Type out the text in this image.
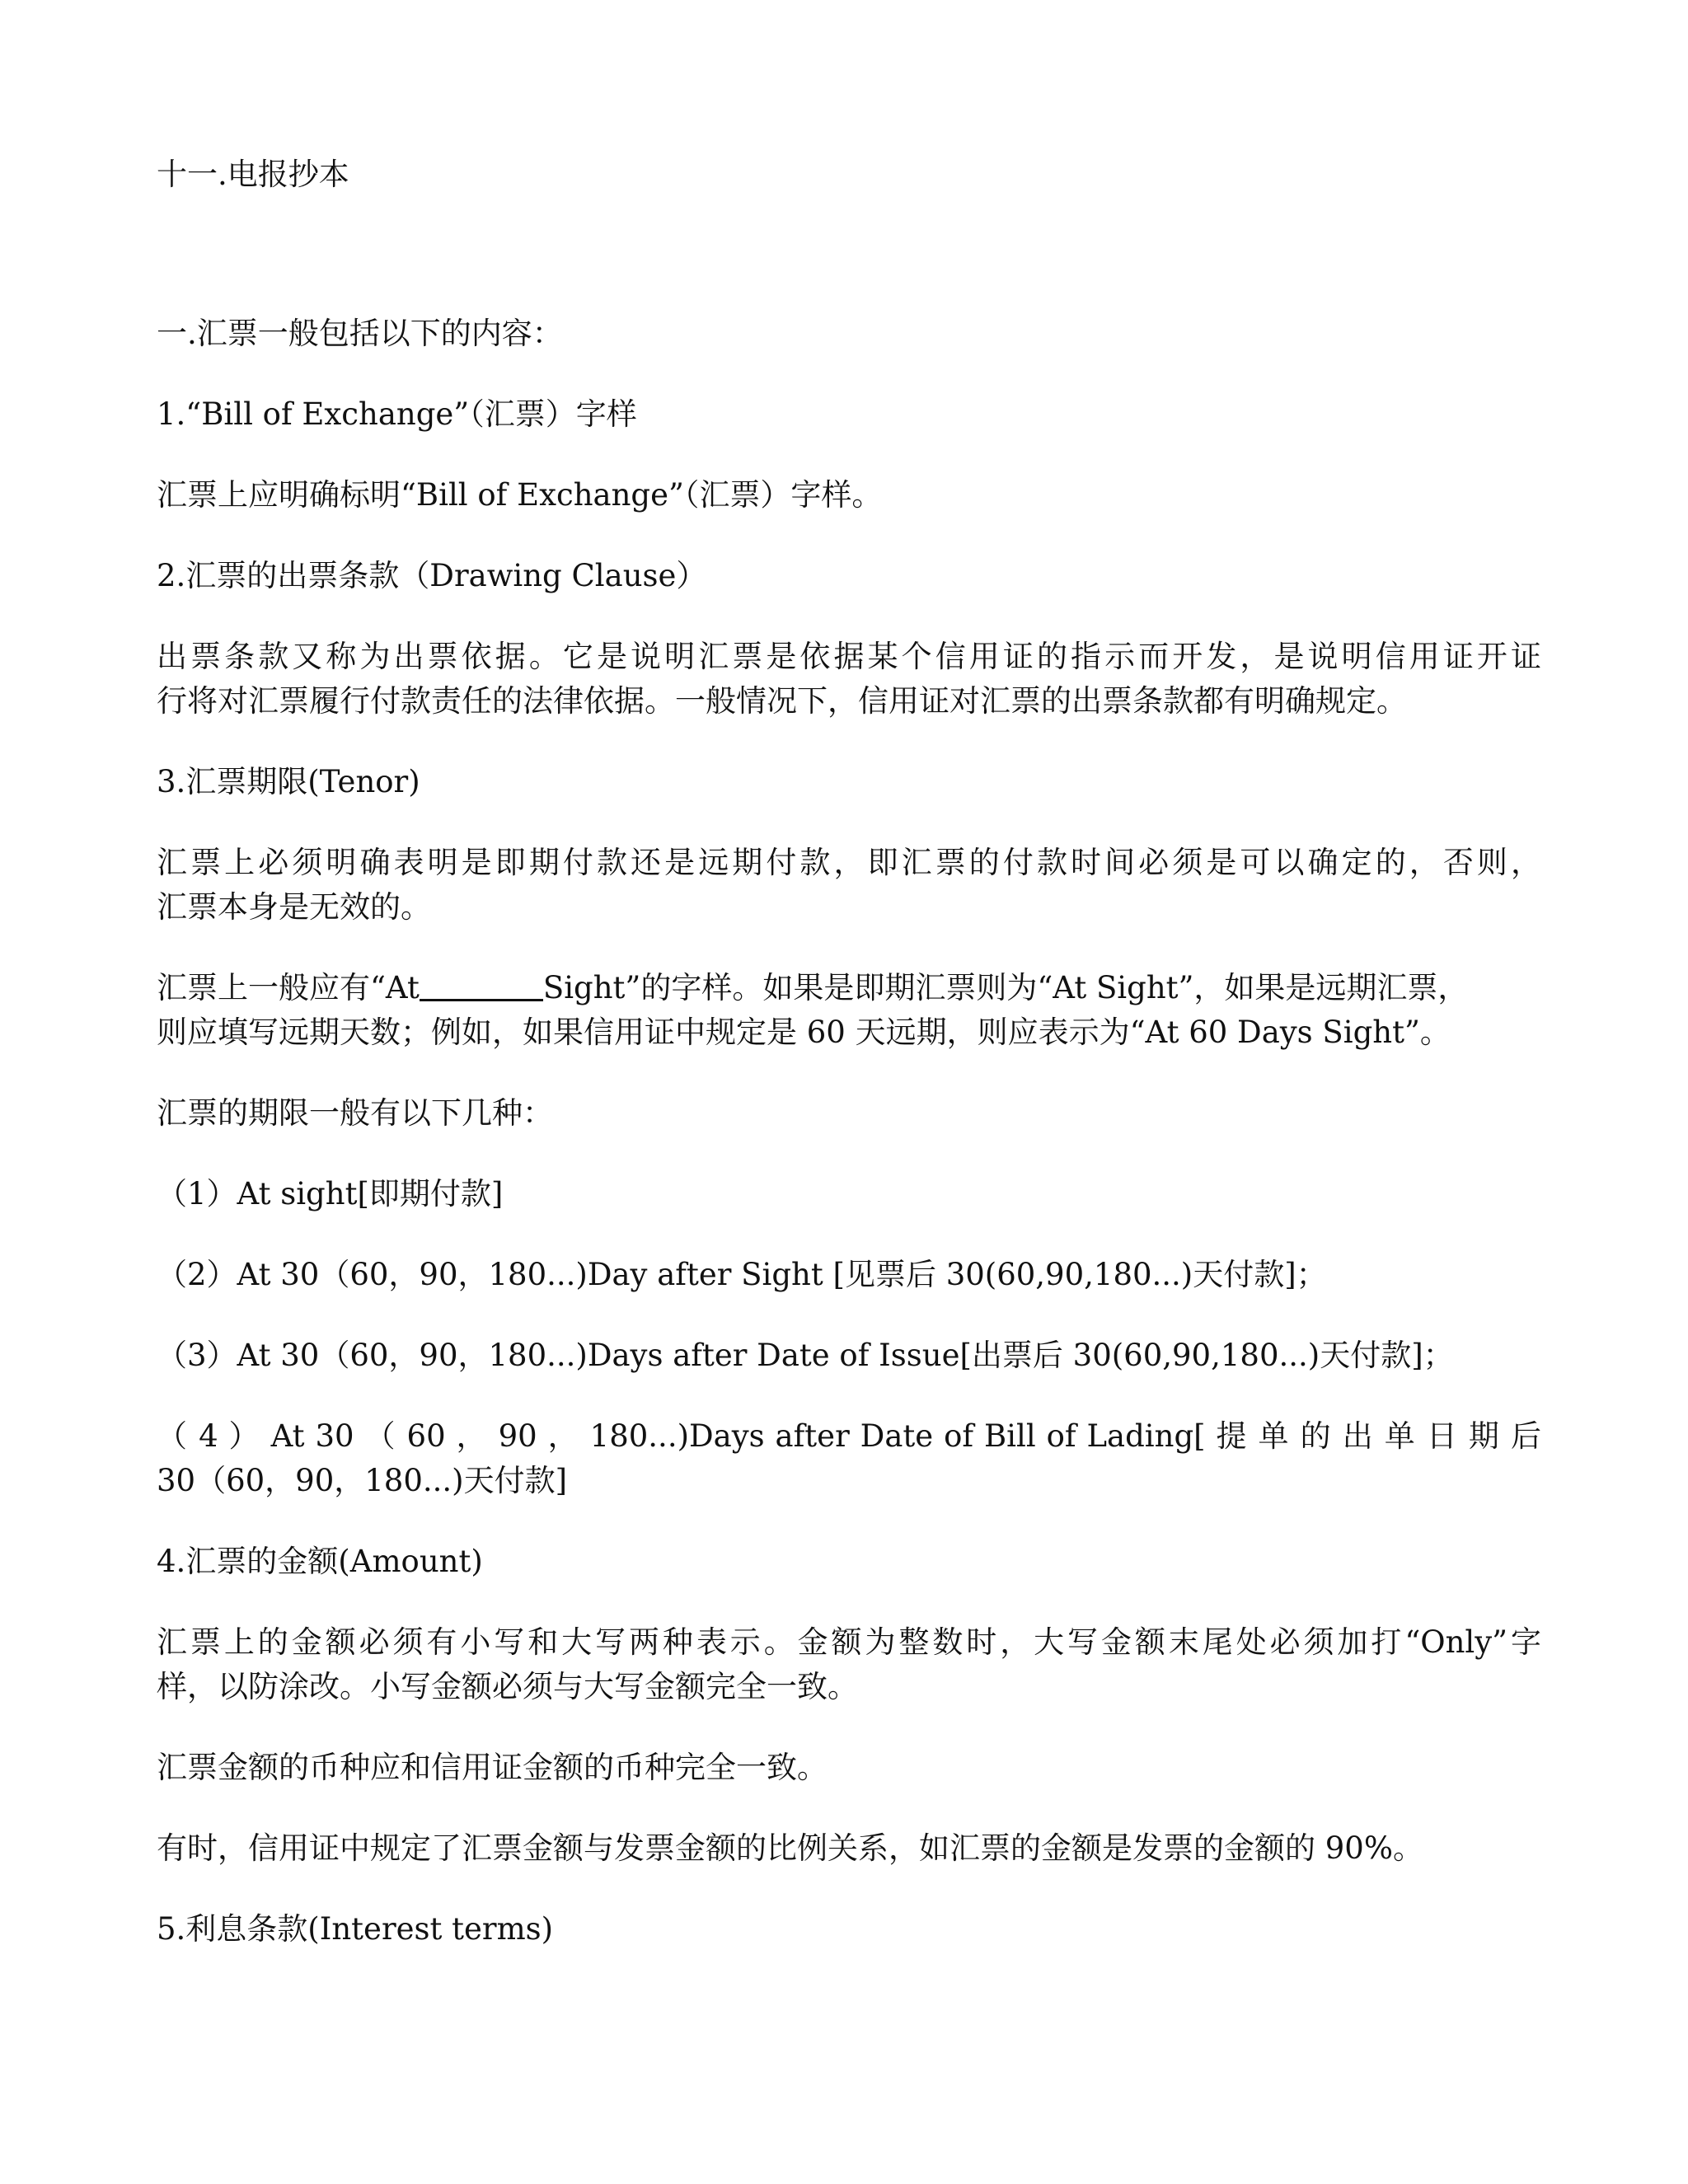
十一.电报抄本
一.汇票一般包括以下的内容：
1.“Bill of Exchange”（汇票）字样
汇票上应明确标明“Bill of Exchange”（汇票）字样。
2.汇票的出票条款（Drawing Clause）
出票条款又称为出票依据。它是说明汇票是依据某个信用证的指示而开发，是说明信用证开证
行将对汇票履行付款责任的法律依据。一般情况下，信用证对汇票的出票条款都有明确规定。
3.汇票期限(Tenor)
汇票上必须明确表明是即期付款还是远期付款，即汇票的付款时间必须是可以确定的，否则，
汇票本身是无效的。
汇票上一般应有“At	Sight”的字样。如果是即期汇票则为“At Sight”，如果是远期汇票，
则应填写远期天数；例如，如果信用证中规定是 60 天远期，则应表示为“At 60 Days Sight”。
汇票的期限一般有以下几种：
（1）At sight[即期付款]
（2）At 30（60，90，180...)Day after Sight [见票后 30(60,90,180...)天付款]；
（3）At 30（60，90，180...)Days after Date of Issue[出票后 30(60,90,180...)天付款]；
（ 4 ） At 30 （ 60 ， 90 ， 180...)Days after Date of Bill of Lading[ 提 单 的 出 单 日 期 后
30（60，90，180...)天付款]
4.汇票的金额(Amount)
汇票上的金额必须有小写和大写两种表示。金额为整数时，大写金额末尾处必须加打“Only”字
样，以防涂改。小写金额必须与大写金额完全一致。
汇票金额的币种应和信用证金额的币种完全一致。
有时，信用证中规定了汇票金额与发票金额的比例关系，如汇票的金额是发票的金额的 90%。
5.利息条款(Interest terms)
